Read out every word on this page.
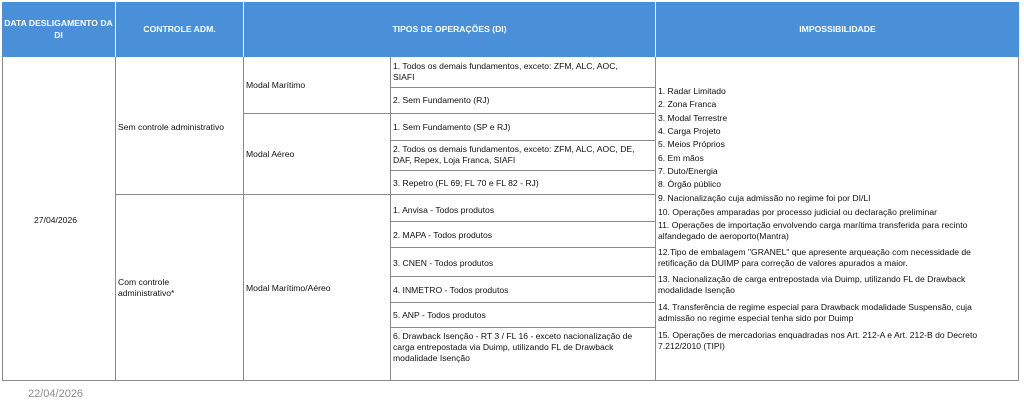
DATA DESLIGAMENTO DA DI
CONTROLE ADM.	TIPOS DE OPERAÇÕES (DI)	IMPOSSIBILIDADE
27/04/2026
Sem controle administrativo
Com controle
administrativo*
Modal Marítimo
Modal Aéreo
Modal Marítimo/Aéreo
1. Todos os demais fundamentos, exceto: ZFM, ALC, AOC,
SIAFI
2. Sem Fundamento (RJ)
1. Sem Fundamento (SP e RJ)
2. Todos os demais fundamentos, exceto: ZFM, ALC, AOC, DE,
DAF, Repex, Loja Franca, SIAFI
3. Repetro (FL 69; FL 70 e FL 82 - RJ)
1. Anvisa - Todos produtos
2. MAPA - Todos produtos
3. CNEN - Todos produtos
4. INMETRO - Todos produtos
5. ANP - Todos produtos
6. Drawback Isenção - RT 3 / FL 16 - exceto nacionalização de
carga entrepostada via Duimp, utilizando FL de Drawback
modalidade Isenção
1. Radar Limitado
2. Zona Franca
3. Modal Terrestre
4. Carga Projeto
5. Meios Próprios
6. Em mãos
7. Duto/Energia
8. Órgão público
9. Nacionalização cuja admissão no regime foi por DI/LI
10. Operações amparadas por processo judicial ou declaração preliminar
11. Operações de importação envolvendo carga marítima transferida para recinto
alfandegado de aeroporto(Mantra)
12.Tipo de embalagem "GRANEL" que apresente arqueação com necessidade de
retificação da DUIMP para correção de valores apurados a maior.
13. Nacionalização de carga entrepostada via Duimp, utilizando FL de Drawback
modalidade Isenção
14. Transferência de regime especial para Drawback modalidade Suspensão, cuja
admissão no regime especial tenha sido por Duimp
15. Operações de mercadorias enquadradas nos Art. 212-A e Art. 212-B do Decreto
7.212/2010 (TIPI)
22/04/2026
